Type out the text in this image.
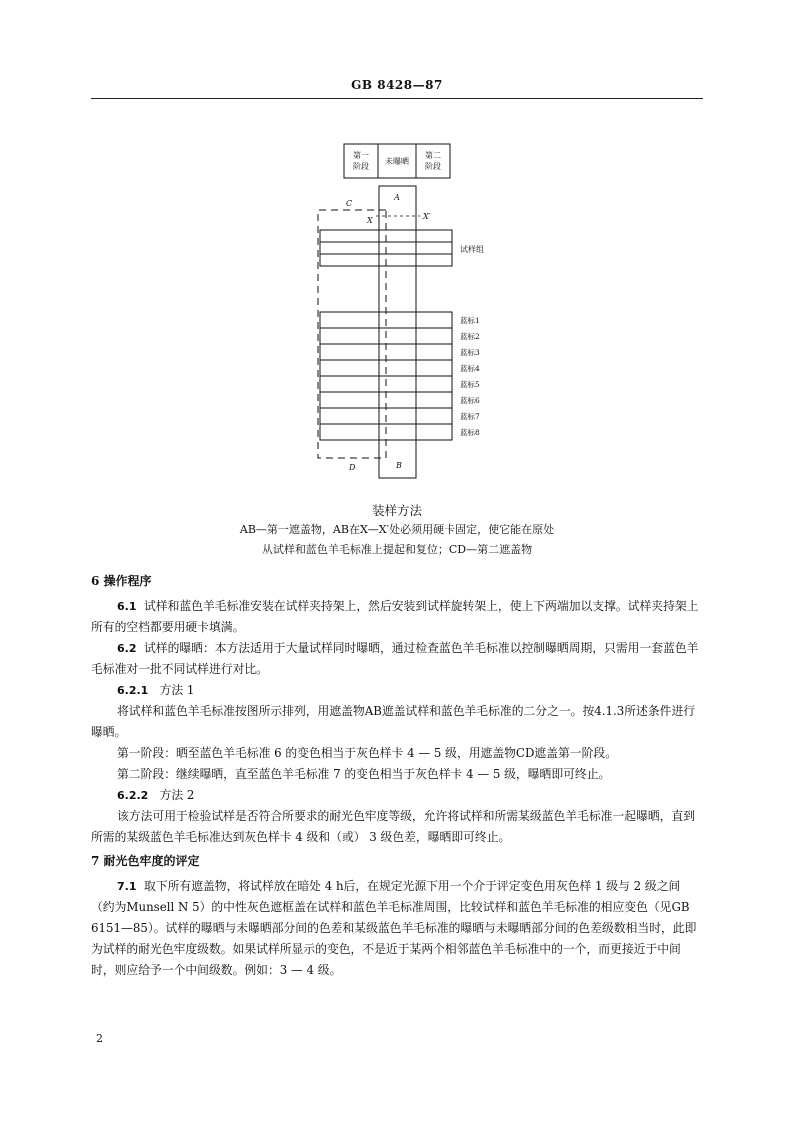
GB 8428—87
第一
阶段
未曝晒
第二
阶段
A
B
C
D
X	X′
试样组
蓝标1
蓝标2
蓝标3
蓝标4
蓝标5
蓝标6
蓝标7
蓝标8
装样方法
AB—第一遮盖物，AB在X—X′处必须用硬卡固定，使它能在原处
从试样和蓝色羊毛标准上提起和复位；CD—第二遮盖物
6 操作程序
6.1 试样和蓝色羊毛标准安装在试样夹持架上，然后安装到试样旋转架上，使上下两端加以支撑。试样夹持架上所有的空档都要用硬卡填满。
6.2 试样的曝晒：本方法适用于大量试样同时曝晒，通过检查蓝色羊毛标准以控制曝晒周期，只需用一套蓝色羊毛标准对一批不同试样进行对比。
6.2.1 方法 1
将试样和蓝色羊毛标准按图所示排列，用遮盖物AB遮盖试样和蓝色羊毛标准的二分之一。按4.1.3所述条件进行曝晒。
第一阶段：晒至蓝色羊毛标准 6 的变色相当于灰色样卡 4 — 5 级，用遮盖物CD遮盖第一阶段。
第二阶段：继续曝晒，直至蓝色羊毛标准 7 的变色相当于灰色样卡 4 — 5 级，曝晒即可终止。
6.2.2 方法 2
该方法可用于检验试样是否符合所要求的耐光色牢度等级，允许将试样和所需某级蓝色羊毛标准一起曝晒，直到所需的某级蓝色羊毛标准达到灰色样卡 4 级和（或） 3 级色差，曝晒即可终止。
7 耐光色牢度的评定
7.1 取下所有遮盖物，将试样放在暗处 4 h后，在规定光源下用一个介于评定变色用灰色样 1 级与 2 级之间（约为Munsell N 5）的中性灰色遮框盖在试样和蓝色羊毛标准周围，比较试样和蓝色羊毛标准的相应变色（见GB 6151—85）。试样的曝晒与未曝晒部分间的色差和某级蓝色羊毛标准的曝晒与未曝晒部分间的色差级数相当时，此即为试样的耐光色牢度级数。如果试样所显示的变色，不是近于某两个相邻蓝色羊毛标准中的一个，而更接近于中间时，则应给予一个中间级数。例如：3 — 4 级。
2
